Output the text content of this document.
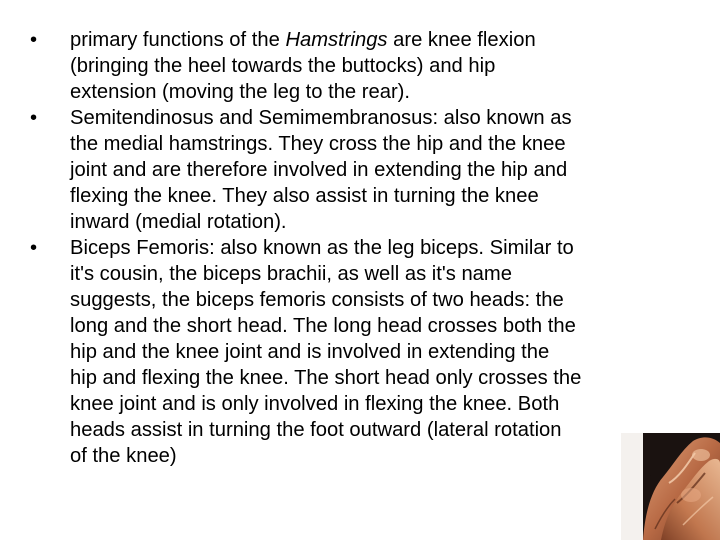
• primary functions of the Hamstrings are knee flexion
(bringing the heel towards the buttocks) and hip
extension (moving the leg to the rear).
• Semitendinosus and Semimembranosus: also known as
the medial hamstrings. They cross the hip and the knee
joint and are therefore involved in extending the hip and
flexing the knee. They also assist in turning the knee
inward (medial rotation).
• Biceps Femoris: also known as the leg biceps. Similar to
it's cousin, the biceps brachii, as well as it's name
suggests, the biceps femoris consists of two heads: the
long and the short head. The long head crosses both the
hip and the knee joint and is involved in extending the
hip and flexing the knee. The short head only crosses the
knee joint and is only involved in flexing the knee. Both
heads assist in turning the foot outward (lateral rotation
of the knee)
7
